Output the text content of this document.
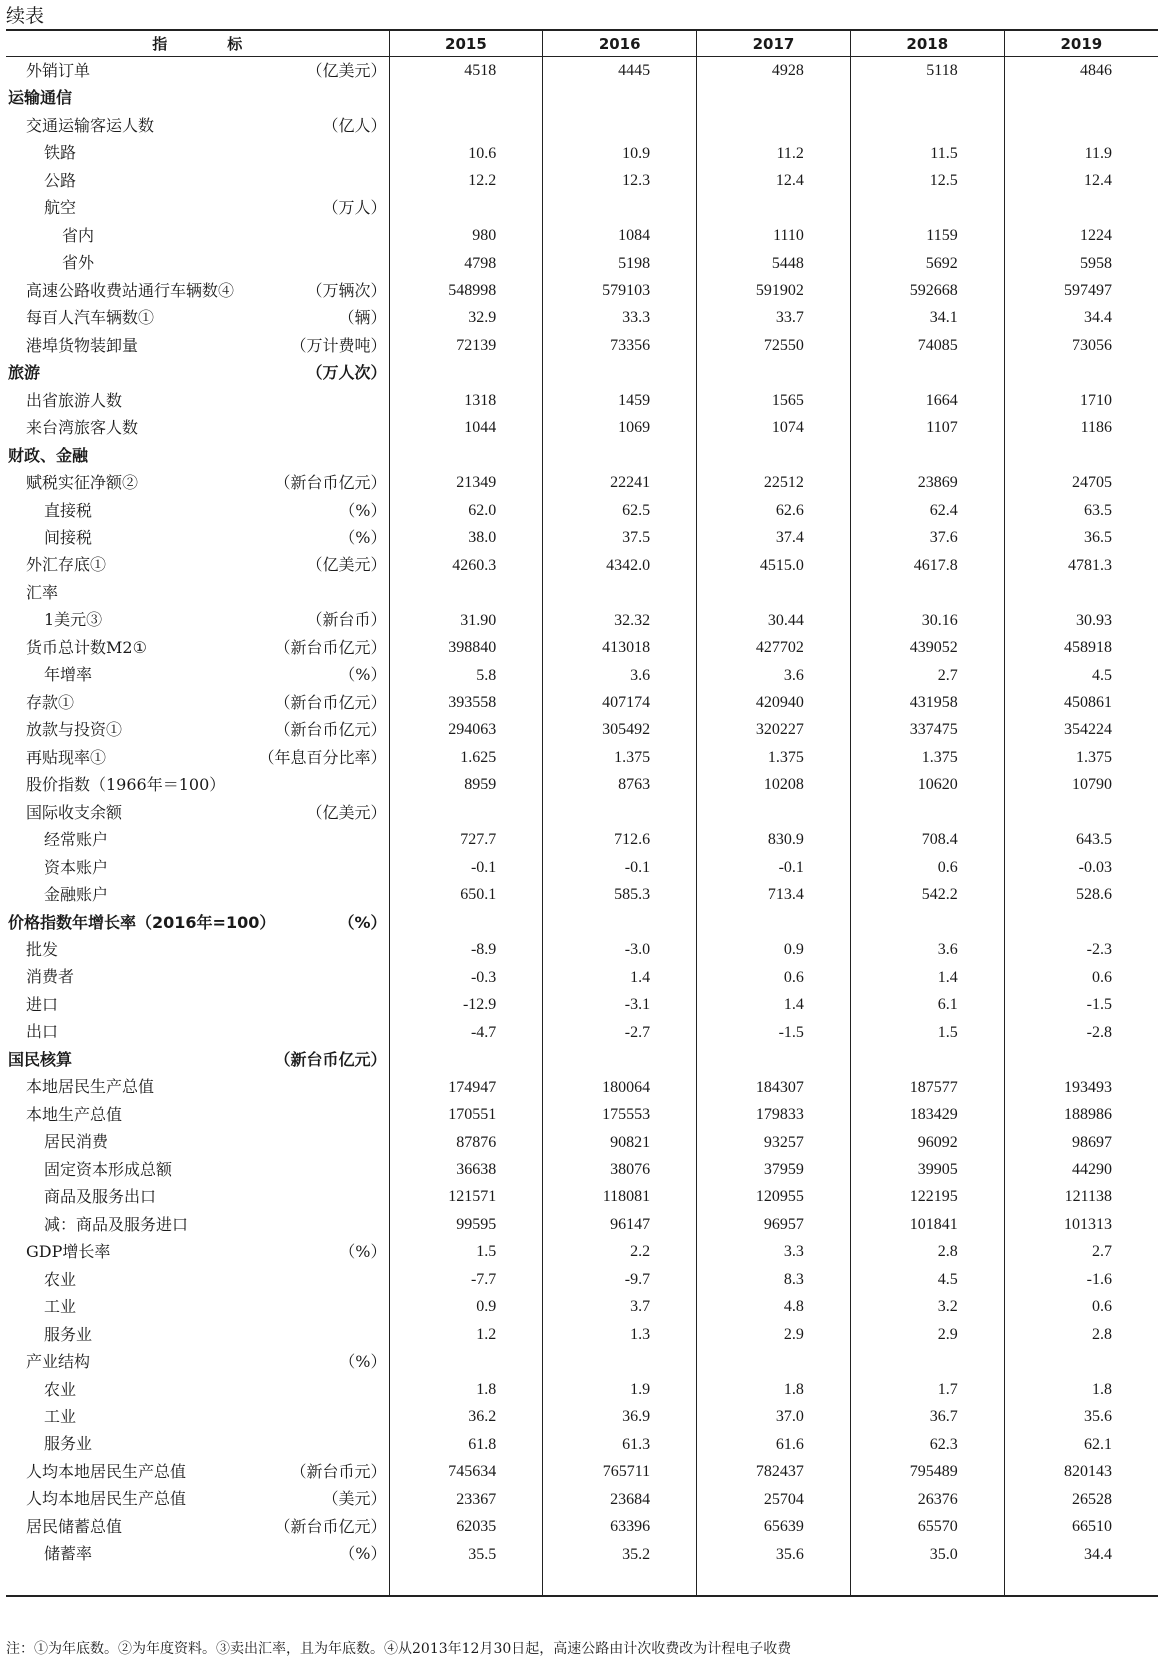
续表
指标	2015	2016	2017	2018	2019

外销订单 （亿美元）	4518	4445	4928	5118	4846

运输通信					

交通运输客运人数 （亿人）					

铁路	10.6	10.9	11.2	11.5	11.9

公路	12.2	12.3	12.4	12.5	12.4

航空 （万人）					

省内	980	1084	1110	1159	1224

省外	4798	5198	5448	5692	5958

高速公路收费站通行车辆数④ （万辆次）	548998	579103	591902	592668	597497

每百人汽车辆数① （辆）	32.9	33.3	33.7	34.1	34.4

港埠货物装卸量 （万计费吨）	72139	73356	72550	74085	73056

旅游 （万人次）					

出省旅游人数	1318	1459	1565	1664	1710

来台湾旅客人数	1044	1069	1074	1107	1186

财政、金融					

赋税实征净额② （新台币亿元）	21349	22241	22512	23869	24705

直接税 （%）	62.0	62.5	62.6	62.4	63.5

间接税 （%）	38.0	37.5	37.4	37.6	36.5

外汇存底① （亿美元）	4260.3	4342.0	4515.0	4617.8	4781.3

汇率					

1美元③ （新台币）	31.90	32.32	30.44	30.16	30.93

货币总计数M2① （新台币亿元）	398840	413018	427702	439052	458918

年增率 （%）	5.8	3.6	3.6	2.7	4.5

存款① （新台币亿元）	393558	407174	420940	431958	450861

放款与投资① （新台币亿元）	294063	305492	320227	337475	354224

再贴现率① （年息百分比率）	1.625	1.375	1.375	1.375	1.375

股价指数（1966年＝100）	8959	8763	10208	10620	10790

国际收支余额 （亿美元）					

经常账户	727.7	712.6	830.9	708.4	643.5

资本账户	-0.1	-0.1	-0.1	0.6	-0.03

金融账户	650.1	585.3	713.4	542.2	528.6

价格指数年增长率（2016年=100） （%）					

批发	-8.9	-3.0	0.9	3.6	-2.3

消费者	-0.3	1.4	0.6	1.4	0.6

进口	-12.9	-3.1	1.4	6.1	-1.5

出口	-4.7	-2.7	-1.5	1.5	-2.8

国民核算 （新台币亿元）					

本地居民生产总值	174947	180064	184307	187577	193493

本地生产总值	170551	175553	179833	183429	188986

居民消费	87876	90821	93257	96092	98697

固定资本形成总额	36638	38076	37959	39905	44290

商品及服务出口	121571	118081	120955	122195	121138

减：商品及服务进口	99595	96147	96957	101841	101313

GDP增长率 （%）	1.5	2.2	3.3	2.8	2.7

农业	-7.7	-9.7	8.3	4.5	-1.6

工业	0.9	3.7	4.8	3.2	0.6

服务业	1.2	1.3	2.9	2.9	2.8

产业结构 （%）					

农业	1.8	1.9	1.8	1.7	1.8

工业	36.2	36.9	37.0	36.7	35.6

服务业	61.8	61.3	61.6	62.3	62.1

人均本地居民生产总值 （新台币元）	745634	765711	782437	795489	820143

人均本地居民生产总值 （美元）	23367	23684	25704	26376	26528

居民储蓄总值 （新台币亿元）	62035	63396	65639	65570	66510

储蓄率 （%）	35.5	35.2	35.6	35.0	34.4

注：①为年底数。②为年度资料。③卖出汇率，且为年底数。④从2013年12月30日起，高速公路由计次收费改为计程电子收费
